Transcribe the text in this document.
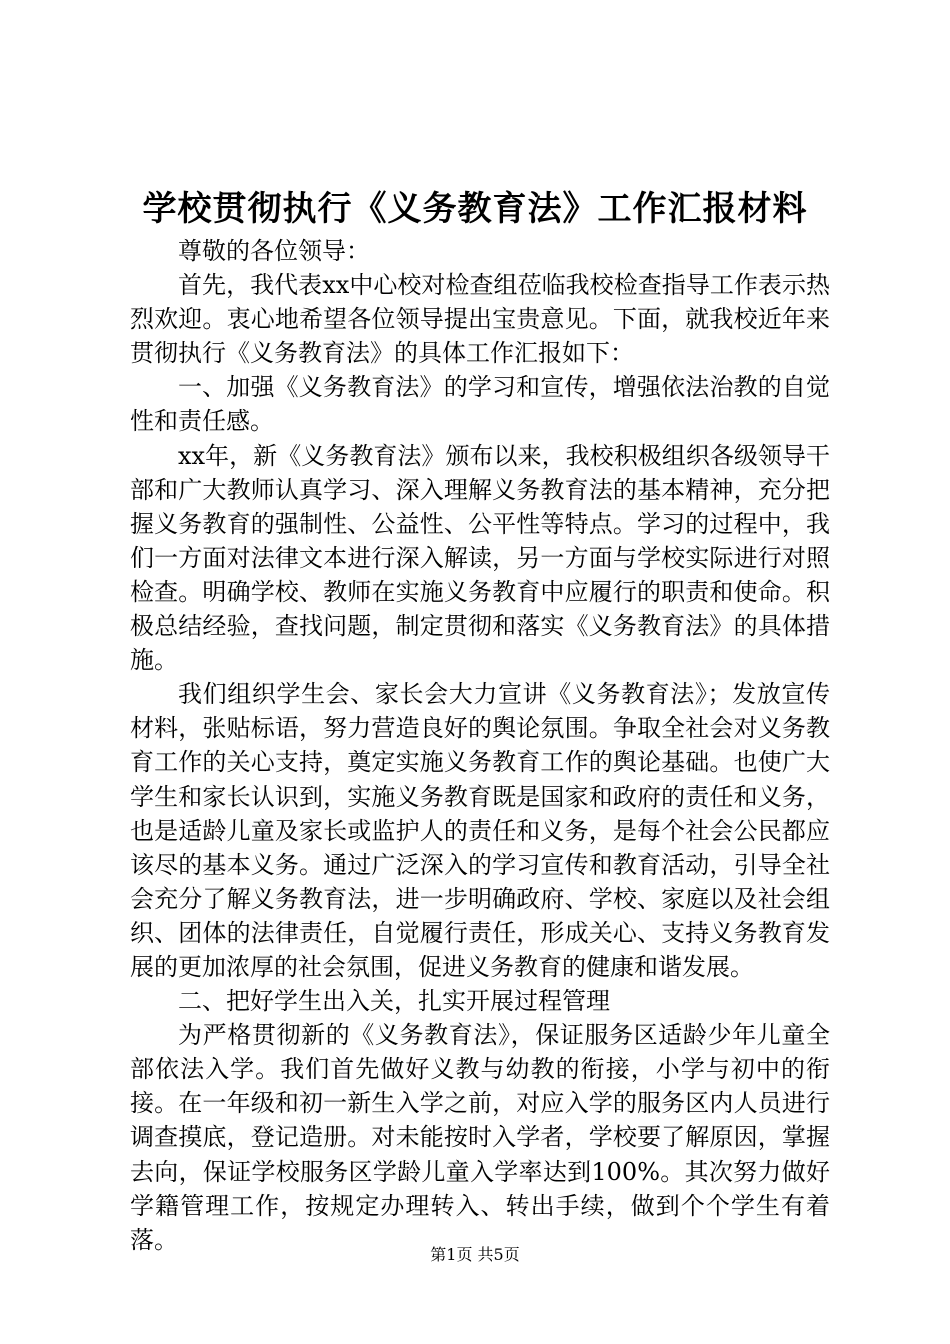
学校贯彻执行《义务教育法》工作汇报材料

尊敬的各位领导：

首先，我代表xx中心校对检查组莅临我校检查指导工作表示热烈欢迎。衷心地希望各位领导提出宝贵意见。下面，就我校近年来贯彻执行《义务教育法》的具体工作汇报如下：

一、加强《义务教育法》的学习和宣传，增强依法治教的自觉性和责任感。

xx年，新《义务教育法》颁布以来，我校积极组织各级领导干部和广大教师认真学习、深入理解义务教育法的基本精神，充分把握义务教育的强制性、公益性、公平性等特点。学习的过程中，我们一方面对法律文本进行深入解读，另一方面与学校实际进行对照检查。明确学校、教师在实施义务教育中应履行的职责和使命。积极总结经验，查找问题，制定贯彻和落实《义务教育法》的具体措施。

我们组织学生会、家长会大力宣讲《义务教育法》；发放宣传材料，张贴标语，努力营造良好的舆论氛围。争取全社会对义务教育工作的关心支持，奠定实施义务教育工作的舆论基础。也使广大学生和家长认识到，实施义务教育既是国家和政府的责任和义务，也是适龄儿童及家长或监护人的责任和义务，是每个社会公民都应该尽的基本义务。通过广泛深入的学习宣传和教育活动，引导全社会充分了解义务教育法，进一步明确政府、学校、家庭以及社会组织、团体的法律责任，自觉履行责任，形成关心、支持义务教育发展的更加浓厚的社会氛围，促进义务教育的健康和谐发展。

二、把好学生出入关，扎实开展过程管理

为严格贯彻新的《义务教育法》，保证服务区适龄少年儿童全部依法入学。我们首先做好义教与幼教的衔接，小学与初中的衔接。在一年级和初一新生入学之前，对应入学的服务区内人员进行调查摸底，登记造册。对未能按时入学者，学校要了解原因，掌握去向，保证学校服务区学龄儿童入学率达到100%。其次努力做好学籍管理工作，按规定办理转入、转出手续，做到个个学生有着落。

第1页 共5页
